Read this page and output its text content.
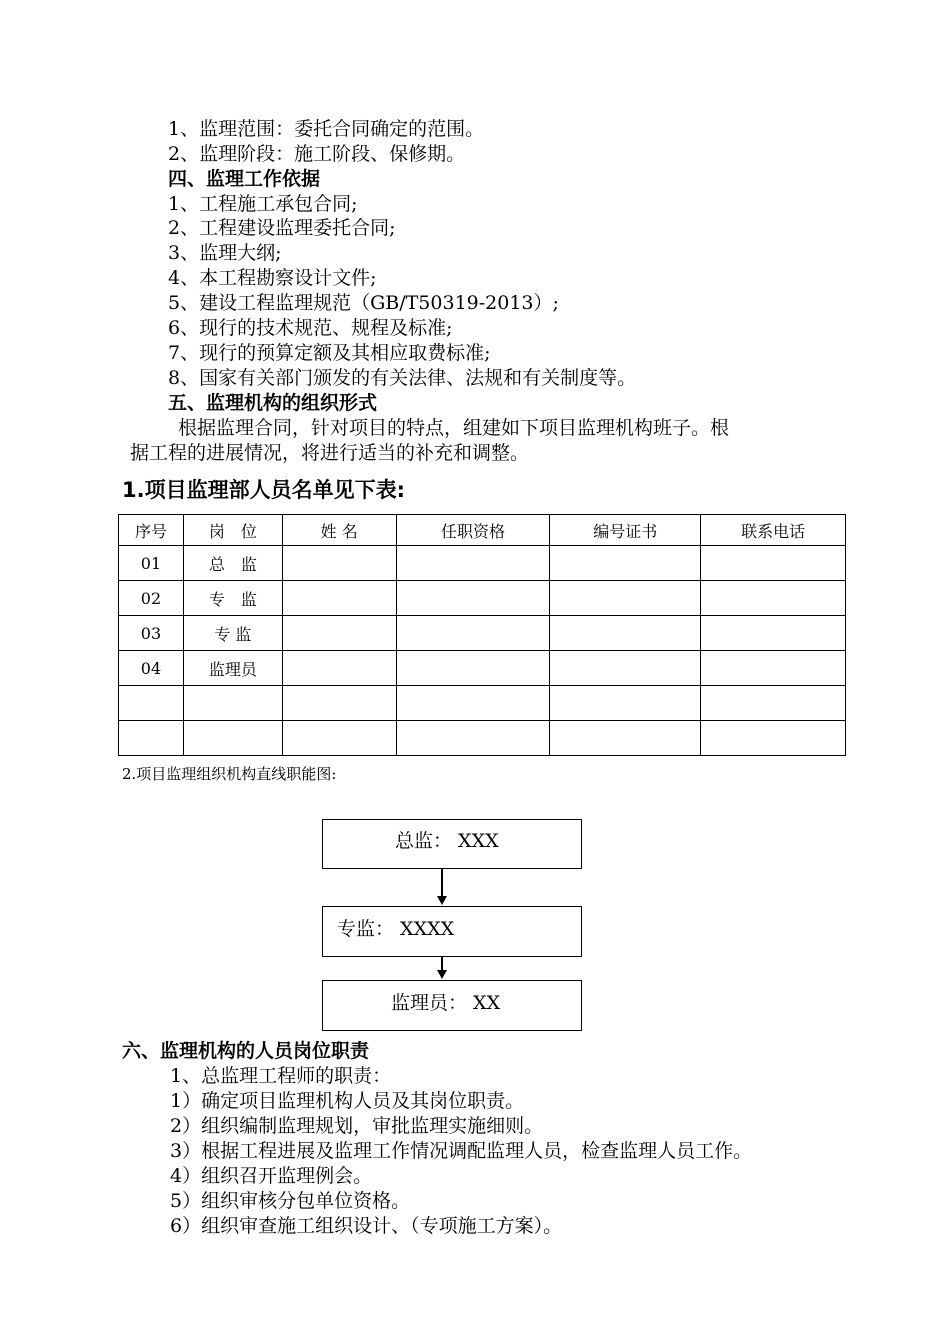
1、监理范围：委托合同确定的范围。
2、监理阶段：施工阶段、保修期。
四、监理工作依据
1、工程施工承包合同;
2、工程建设监理委托合同;
3、监理大纲;
4、本工程勘察设计文件;
5、建设工程监理规范（GB/T50319-2013）;
6、现行的技术规范、规程及标准;
7、现行的预算定额及其相应取费标准;
8、国家有关部门颁发的有关法律、法规和有关制度等。
五、监理机构的组织形式
根据监理合同，针对项目的特点，组建如下项目监理机构班子。根
据工程的进展情况，将进行适当的补充和调整。
1.项目监理部人员名单见下表:
序号	岗　位	姓 名	任职资格	编号证书	联系电话
01	总　监				
02	专　监				
03	专 监				
04	监理员				

2.项目监理组织机构直线职能图:
总监： XXX
专监： XXXX
监理员： XX
六、监理机构的人员岗位职责
1、总监理工程师的职责：
1）确定项目监理机构人员及其岗位职责。
2）组织编制监理规划，审批监理实施细则。
3）根据工程进展及监理工作情况调配监理人员，检查监理人员工作。
4）组织召开监理例会。
5）组织审核分包单位资格。
6）组织审查施工组织设计、（专项施工方案）。
